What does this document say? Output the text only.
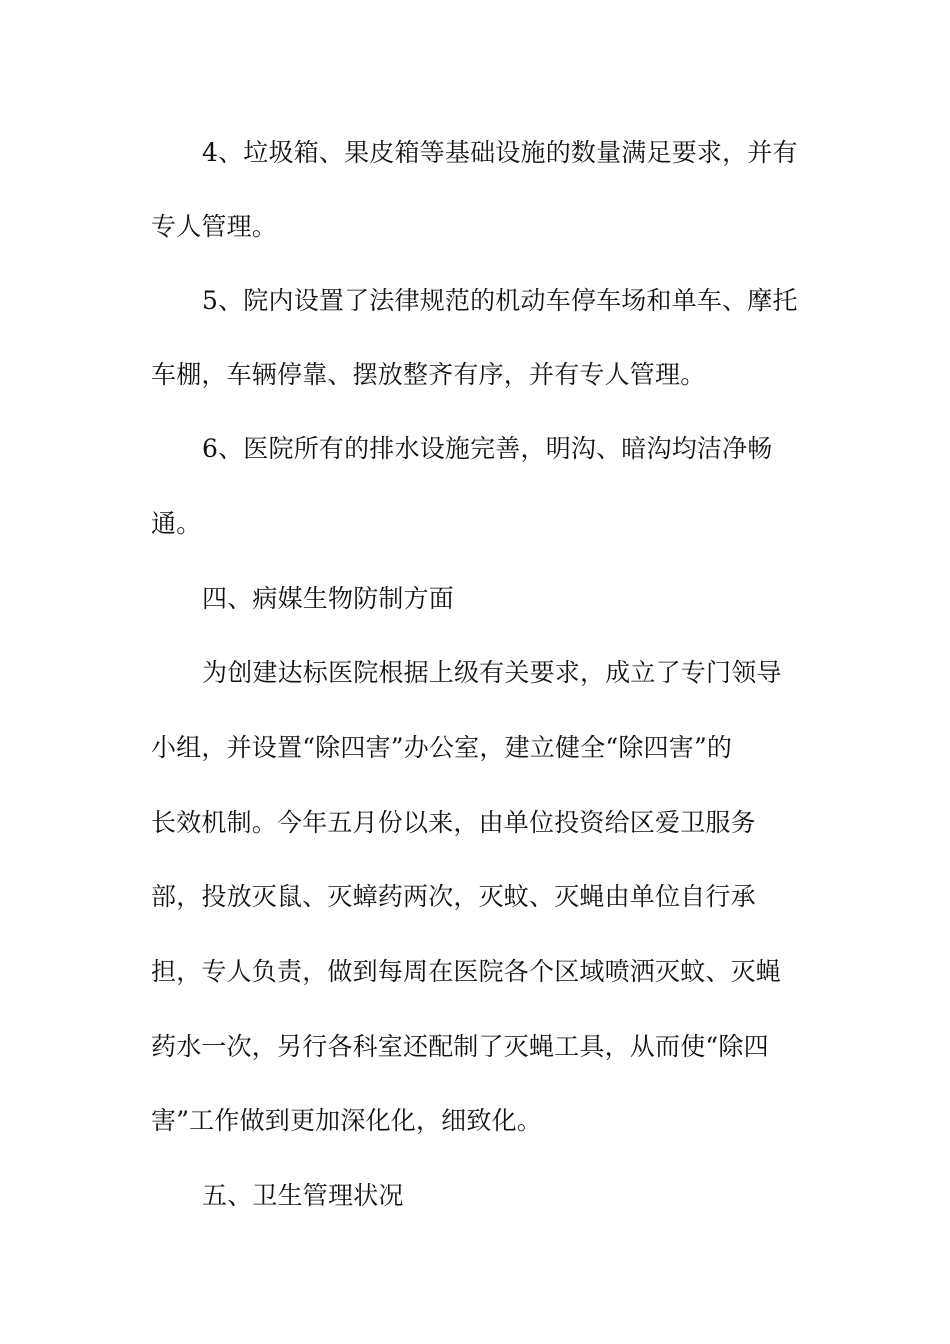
4、垃圾箱、果皮箱等基础设施的数量满足要求，并有
专人管理。
5、院内设置了法律规范的机动车停车场和单车、摩托
车棚，车辆停靠、摆放整齐有序，并有专人管理。
6、医院所有的排水设施完善，明沟、暗沟均洁净畅
通。
四、病媒生物防制方面
为创建达标医院根据上级有关要求，成立了专门领导
小组，并设置“除四害”办公室，建立健全“除四害”的
长效机制。今年五月份以来，由单位投资给区爱卫服务
部，投放灭鼠、灭蟑药两次，灭蚊、灭蝇由单位自行承
担，专人负责，做到每周在医院各个区域喷洒灭蚊、灭蝇
药水一次，另行各科室还配制了灭蝇工具，从而使“除四
害”工作做到更加深化化，细致化。
五、卫生管理状况
